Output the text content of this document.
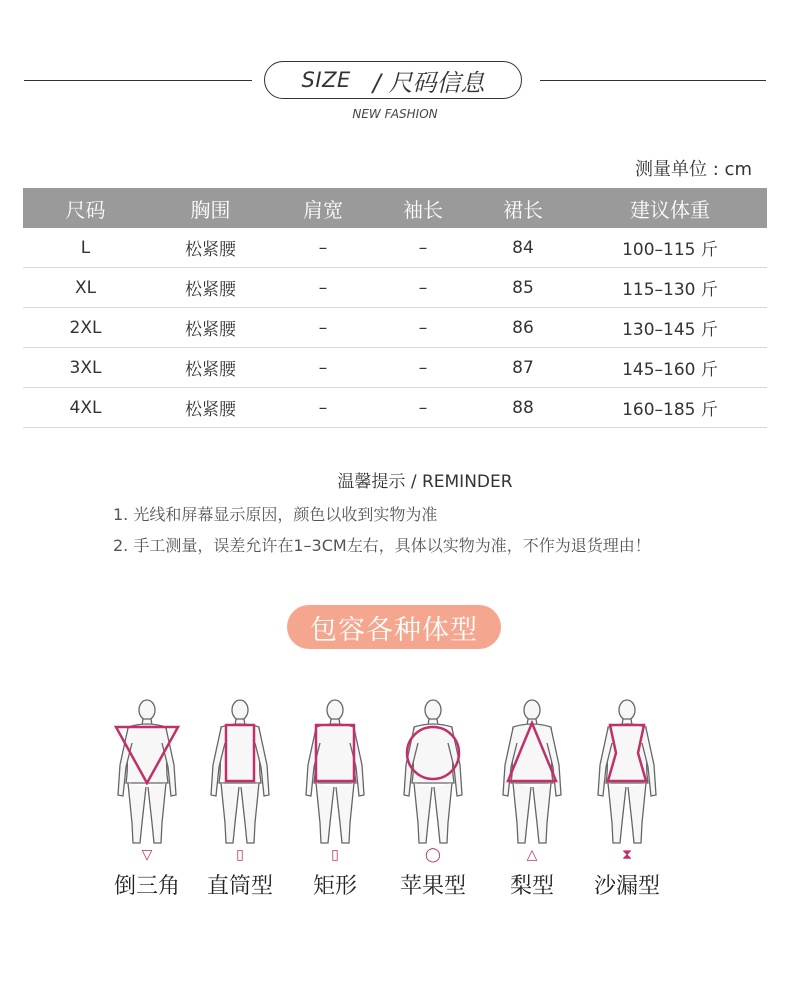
SIZE / 尺码信息
NEW FASHION
测量单位 : cm
尺码	胸围	肩宽	袖长	裙长	建议体重
L	松紧腰	–	–	84	100–115 斤
XL	松紧腰	–	–	85	115–130 斤
2XL	松紧腰	–	–	86	130–145 斤
3XL	松紧腰	–	–	87	145–160 斤
4XL	松紧腰	–	–	88	160–185 斤
温馨提示 / REMINDER
1. 光线和屏幕显示原因，颜色以收到实物为准
2. 手工测量，误差允许在1–3CM左右，具体以实物为准，不作为退货理由！
包容各种体型
▽
倒三角
▯
直筒型
▯
矩形
◯
苹果型
△
梨型
⧗
沙漏型
